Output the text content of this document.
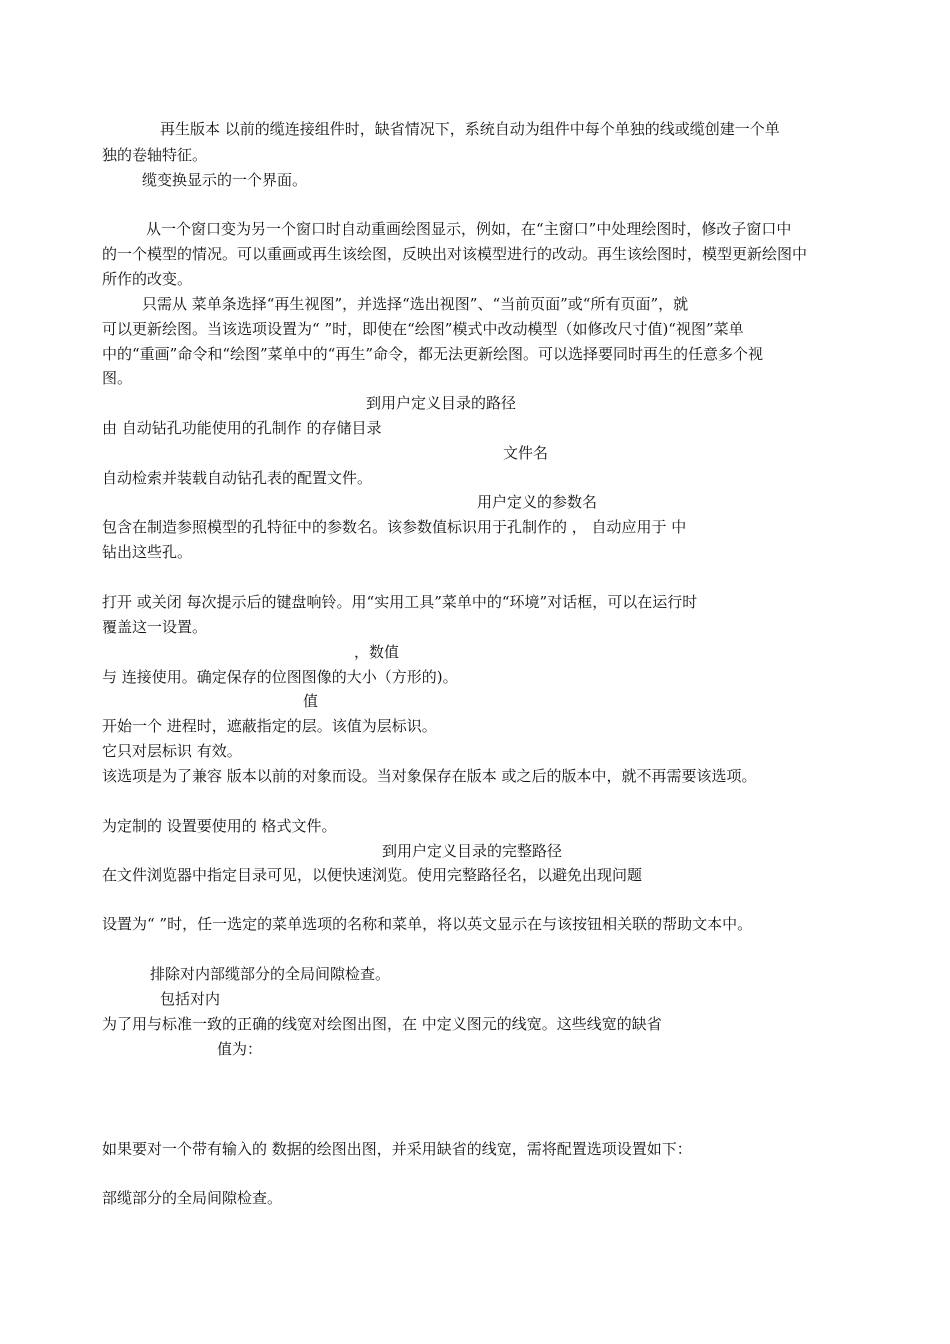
再生版本 以前的缆连接组件时，缺省情况下，系统自动为组件中每个单独的线或缆创建一个单
独的卷轴特征。
缆变换显示的一个界面。
从一个窗口变为另一个窗口时自动重画绘图显示，例如，在“主窗口”中处理绘图时，修改子窗口中
的一个模型的情况。可以重画或再生该绘图，反映出对该模型进行的改动。再生该绘图时，模型更新绘图中
所作的改变。
只需从 菜单条选择“再生视图”，并选择“选出视图”、“当前页面”或“所有页面”，就
可以更新绘图。当该选项设置为“ ”时，即使在“绘图”模式中改动模型（如修改尺寸值)“视图”菜单
中的“重画”命令和“绘图”菜单中的“再生”命令，都无法更新绘图。可以选择要同时再生的任意多个视
图。
到用户定义目录的路径
由 自动钻孔功能使用的孔制作 的存储目录
文件名
自动检索并装载自动钻孔表的配置文件。
用户定义的参数名
包含在制造参照模型的孔特征中的参数名。该参数值标识用于孔制作的 ， 自动应用于 中
钻出这些孔。
打开 或关闭 每次提示后的键盘响铃。用“实用工具”菜单中的“环境”对话框，可以在运行时
覆盖这一设置。
，数值
与 连接使用。确定保存的位图图像的大小（方形的)。
值
开始一个 进程时，遮蔽指定的层。该值为层标识。
它只对层标识 有效。
该选项是为了兼容 版本以前的对象而设。当对象保存在版本 或之后的版本中，就不再需要该选项。
为定制的 设置要使用的 格式文件。
到用户定义目录的完整路径
在文件浏览器中指定目录可见，以便快速浏览。使用完整路径名，以避免出现问题
设置为“ ”时，任一选定的菜单选项的名称和菜单，将以英文显示在与该按钮相关联的帮助文本中。
排除对内部缆部分的全局间隙检查。
包括对内
为了用与标准一致的正确的线宽对绘图出图，在 中定义图元的线宽。这些线宽的缺省
值为：
如果要对一个带有输入的 数据的绘图出图，并采用缺省的线宽，需将配置选项设置如下：
部缆部分的全局间隙检查。
